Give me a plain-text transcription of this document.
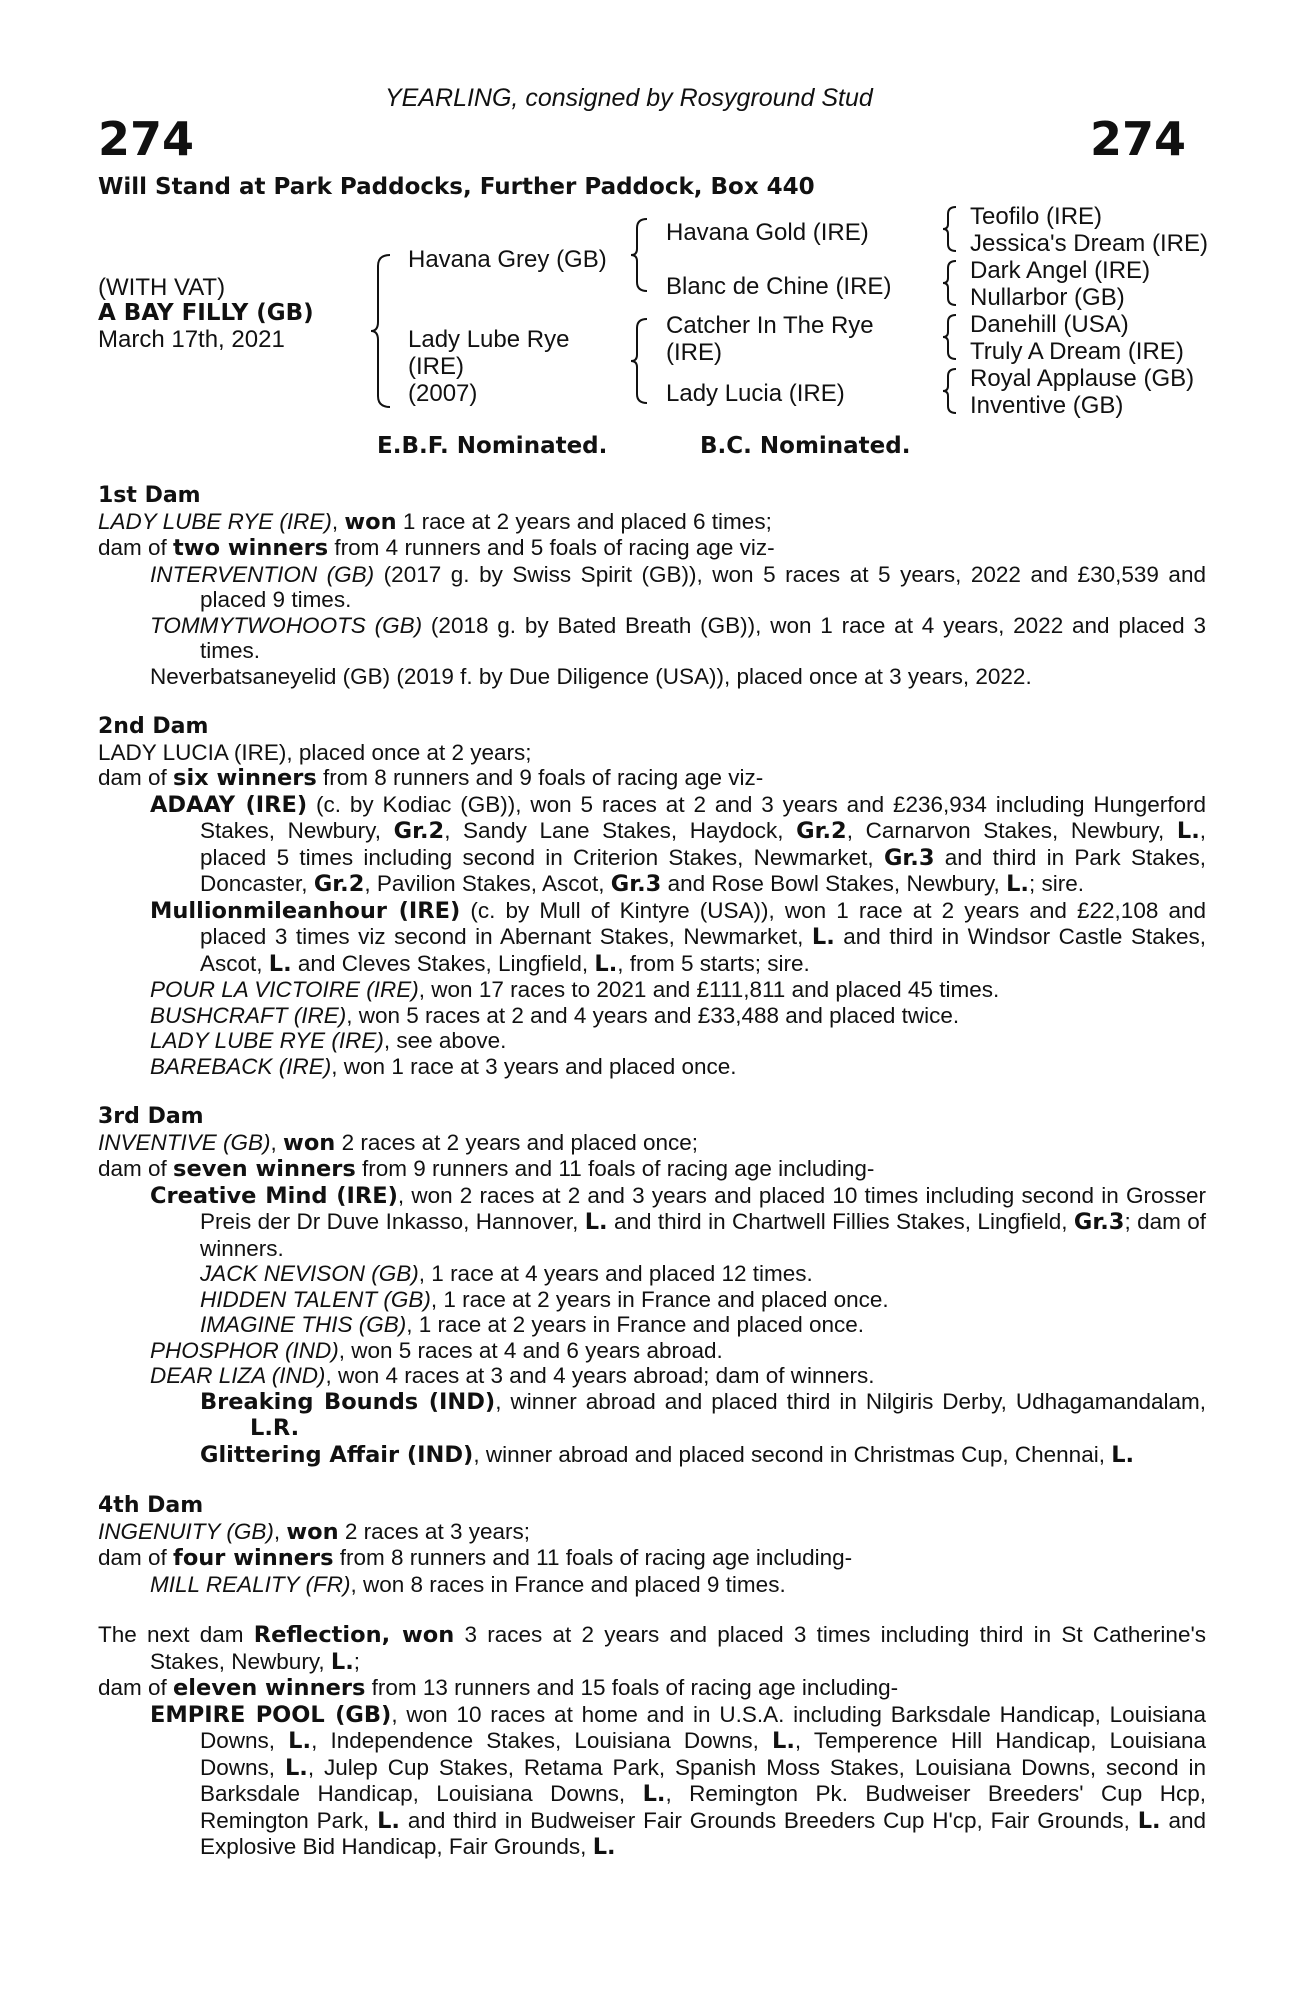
YEARLING, consigned by Rosyground Stud
274	274
Will Stand at Park Paddocks, Further Paddock, Box 440
(WITH VAT)
A BAY FILLY (GB)
March 17th, 2021
Havana Grey (GB)
Lady Lube Rye
(IRE)
(2007)
Havana Gold (IRE)
Blanc de Chine (IRE)
Catcher In The Rye
(IRE)
Lady Lucia (IRE)
Teofilo (IRE)
Jessica's Dream (IRE)
Dark Angel (IRE)
Nullarbor (GB)
Danehill (USA)
Truly A Dream (IRE)
Royal Applause (GB)
Inventive (GB)
E.B.F. Nominated.	B.C. Nominated.
1st Dam

LADY LUBE RYE (IRE), won 1 race at 2 years and placed 6 times;

dam of two winners from 4 runners and 5 foals of racing age viz-

INTERVENTION (GB) (2017 g. by Swiss Spirit (GB)), won 5 races at 5 years, 2022 and £30,539 and placed 9 times.

TOMMYTWOHOOTS (GB) (2018 g. by Bated Breath (GB)), won 1 race at 4 years, 2022 and placed 3 times.

Neverbatsaneyelid (GB) (2019 f. by Due Diligence (USA)), placed once at 3 years, 2022.

2nd Dam

LADY LUCIA (IRE), placed once at 2 years;

dam of six winners from 8 runners and 9 foals of racing age viz-

ADAAY (IRE) (c. by Kodiac (GB)), won 5 races at 2 and 3 years and £236,934 including Hungerford Stakes, Newbury, Gr.2, Sandy Lane Stakes, Haydock, Gr.2, Carnarvon Stakes, Newbury, L., placed 5 times including second in Criterion Stakes, Newmarket, Gr.3 and third in Park Stakes, Doncaster, Gr.2, Pavilion Stakes, Ascot, Gr.3 and Rose Bowl Stakes, Newbury, L.; sire.

Mullionmileanhour (IRE) (c. by Mull of Kintyre (USA)), won 1 race at 2 years and £22,108 and placed 3 times viz second in Abernant Stakes, Newmarket, L. and third in Windsor Castle Stakes, Ascot, L. and Cleves Stakes, Lingfield, L., from 5 starts; sire.

POUR LA VICTOIRE (IRE), won 17 races to 2021 and £111,811 and placed 45 times.

BUSHCRAFT (IRE), won 5 races at 2 and 4 years and £33,488 and placed twice.

LADY LUBE RYE (IRE), see above.

BAREBACK (IRE), won 1 race at 3 years and placed once.

3rd Dam

INVENTIVE (GB), won 2 races at 2 years and placed once;

dam of seven winners from 9 runners and 11 foals of racing age including-

Creative Mind (IRE), won 2 races at 2 and 3 years and placed 10 times including second in Grosser Preis der Dr Duve Inkasso, Hannover, L. and third in Chartwell Fillies Stakes, Lingfield, Gr.3; dam of winners.

JACK NEVISON (GB), 1 race at 4 years and placed 12 times.

HIDDEN TALENT (GB), 1 race at 2 years in France and placed once.

IMAGINE THIS (GB), 1 race at 2 years in France and placed once.

PHOSPHOR (IND), won 5 races at 4 and 6 years abroad.

DEAR LIZA (IND), won 4 races at 3 and 4 years abroad; dam of winners.

Breaking Bounds (IND), winner abroad and placed third in Nilgiris Derby, Udhagamandalam, L.R.

Glittering Affair (IND), winner abroad and placed second in Christmas Cup, Chennai, L.

4th Dam

INGENUITY (GB), won 2 races at 3 years;

dam of four winners from 8 runners and 11 foals of racing age including-

MILL REALITY (FR), won 8 races in France and placed 9 times.

The next dam Reflection, won 3 races at 2 years and placed 3 times including third in St Catherine's Stakes, Newbury, L.;

dam of eleven winners from 13 runners and 15 foals of racing age including-

EMPIRE POOL (GB), won 10 races at home and in U.S.A. including Barksdale Handicap, Louisiana Downs, L., Independence Stakes, Louisiana Downs, L., Temperence Hill Handicap, Louisiana Downs, L., Julep Cup Stakes, Retama Park, Spanish Moss Stakes, Louisiana Downs, second in Barksdale Handicap, Louisiana Downs, L., Remington Pk. Budweiser Breeders' Cup Hcp, Remington Park, L. and third in Budweiser Fair Grounds Breeders Cup H'cp, Fair Grounds, L. and Explosive Bid Handicap, Fair Grounds, L.
